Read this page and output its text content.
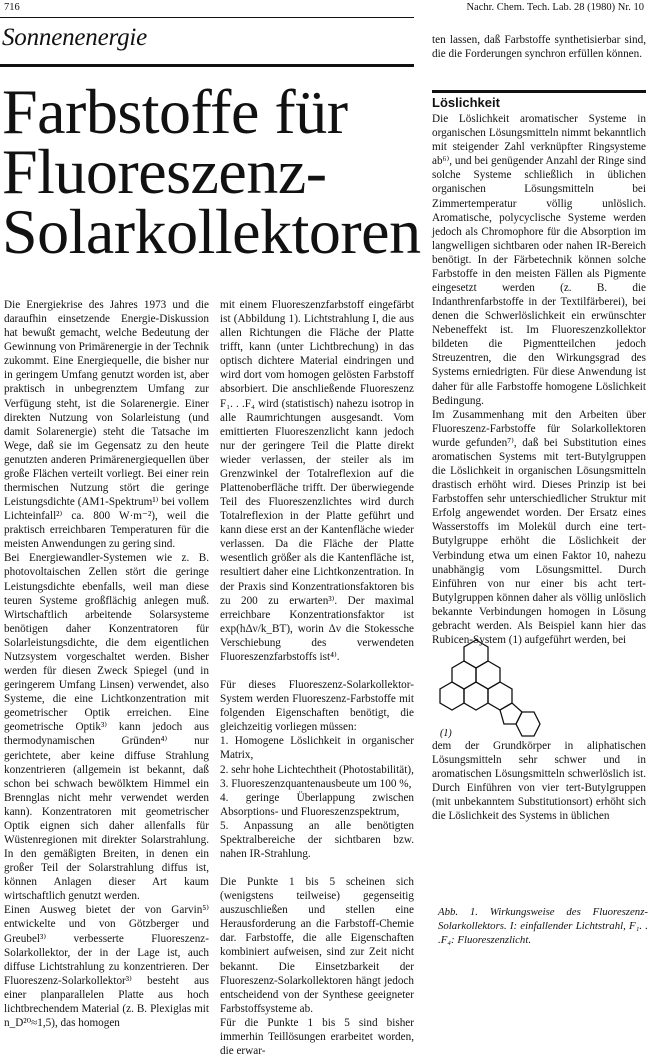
716	Nachr. Chem. Tech. Lab. 28 (1980) Nr. 10
Sonnenenergie
Farbstoffe für Fluoreszenz-Solarkollektoren

Die Energiekrise des Jahres 1973 und die daraufhin einsetzende Energie-Diskussion hat bewußt gemacht, welche Bedeutung der Gewinnung von Primärenergie in der Technik zukommt. Eine Energiequelle, die bisher nur in geringem Umfang genutzt worden ist, aber praktisch in unbegrenztem Umfang zur Verfügung steht, ist die Solarenergie. Einer direkten Nutzung von Solarleistung (und damit Solarenergie) steht die Tatsache im Wege, daß sie im Gegensatz zu den heute genutzten anderen Primärenergiequellen über große Flächen verteilt vorliegt. Bei einer rein thermischen Nutzung stört die geringe Leistungsdichte (AM1-Spektrum¹⁾ bei vollem Lichteinfall²⁾ ca. 800 W·m⁻²), weil die praktisch erreichbaren Temperaturen für die meisten Anwendungen zu gering sind.

Bei Energiewandler-Systemen wie z. B. photovoltaischen Zellen stört die geringe Leistungsdichte ebenfalls, weil man diese teuren Systeme großflächig anlegen muß. Wirtschaftlich arbeitende Solarsysteme benötigen daher Konzentratoren für Solarleistungsdichte, die dem eigentlichen Nutzsystem vorgeschaltet werden. Bisher werden für diesen Zweck Spiegel (und in geringerem Umfang Linsen) verwendet, also Systeme, die eine Lichtkonzentration mit geometrischer Optik erreichen. Eine geometrische Optik³⁾ kann jedoch aus thermodynamischen Gründen⁴⁾ nur gerichtete, aber keine diffuse Strahlung konzentrieren (allgemein ist bekannt, daß schon bei schwach bewölktem Himmel ein Brennglas nicht mehr verwendet werden kann). Konzentratoren mit geometrischer Optik eignen sich daher allenfalls für Wüstenregionen mit direkter Solarstrahlung. In den gemäßigten Breiten, in denen ein großer Teil der Solarstrahlung diffus ist, können Anlagen dieser Art kaum wirtschaftlich genutzt werden.

Einen Ausweg bietet der von Garvin⁵⁾ entwickelte und von Götzberger und Greubel³⁾ verbesserte Fluoreszenz-Solarkollektor, der in der Lage ist, auch diffuse Lichtstrahlung zu konzentrieren. Der Fluoreszenz-Solarkollektor³⁾ besteht aus einer planparallelen Platte aus hoch lichtbrechendem Material (z. B. Plexiglas mit n_D²⁰≈1,5), das homogen

mit einem Fluoreszenzfarbstoff eingefärbt ist (Abbildung 1). Lichtstrahlung I, die aus allen Richtungen die Fläche der Platte trifft, kann (unter Lichtbrechung) in das optisch dichtere Material eindringen und wird dort vom homogen gelösten Farbstoff absorbiert. Die anschließende Fluoreszenz F₁. . .F₄ wird (statistisch) nahezu isotrop in alle Raumrichtungen ausgesandt. Vom emittierten Fluoreszenzlicht kann jedoch nur der geringere Teil die Platte direkt wieder verlassen, der steiler als im Grenzwinkel der Totalreflexion auf die Plattenoberfläche trifft. Der überwiegende Teil des Fluoreszenzlichtes wird durch Totalreflexion in der Platte geführt und kann diese erst an der Kantenfläche wieder verlassen. Da die Fläche der Platte wesentlich größer als die Kantenfläche ist, resultiert daher eine Lichtkonzentration. In der Praxis sind Konzentrationsfaktoren bis zu 200 zu erwarten³⁾. Der maximal erreichbare Konzentrationsfaktor ist exp(hΔν/k_BT), worin Δν die Stokessche Verschiebung des verwendeten Fluoreszenzfarbstoffs ist⁴⁾.

Für dieses Fluoreszenz-Solarkollektor-System werden Fluoreszenz-Farbstoffe mit folgenden Eigenschaften benötigt, die gleichzeitig vorliegen müssen:

1. Homogene Löslichkeit in organischer Matrix,
2. sehr hohe Lichtechtheit (Photostabilität),
3. Fluoreszenzquantenausbeute um 100 %,
4. geringe Überlappung zwischen Absorptions- und Fluoreszenzspektrum,
5. Anpassung an alle benötigten Spektralbereiche der sichtbaren bzw. nahen IR-Strahlung.

Die Punkte 1 bis 5 scheinen sich (wenigstens teilweise) gegenseitig auszuschließen und stellen eine Herausforderung an die Farbstoff-Chemie dar. Farbstoffe, die alle Eigenschaften kombiniert aufweisen, sind zur Zeit nicht bekannt. Die Einsetzbarkeit der Fluoreszenz-Solarkollektoren hängt jedoch entscheidend von der Synthese geeigneter Farbstoffsysteme ab.

Für die Punkte 1 bis 5 sind bisher immerhin Teillösungen erarbeitet worden, die erwar-

ten lassen, daß Farbstoffe synthetisierbar sind, die die Forderungen synchron erfüllen können.

Löslichkeit

Die Löslichkeit aromatischer Systeme in organischen Lösungsmitteln nimmt bekanntlich mit steigender Zahl verknüpfter Ringsysteme ab⁶⁾, und bei genügender Anzahl der Ringe sind solche Systeme schließlich in üblichen organischen Lösungsmitteln bei Zimmertemperatur völlig unlöslich. Aromatische, polycyclische Systeme werden jedoch als Chromophore für die Absorption im langwelligen sichtbaren oder nahen IR-Bereich benötigt. In der Färbetechnik können solche Farbstoffe in den meisten Fällen als Pigmente eingesetzt werden (z. B. die Indanthrenfarbstoffe in der Textilfärberei), bei denen die Schwerlöslichkeit ein erwünschter Nebeneffekt ist. Im Fluoreszenzkollektor bildeten die Pigmentteilchen jedoch Streuzentren, die den Wirkungsgrad des Systems erniedrigten. Für diese Anwendung ist daher für alle Farbstoffe homogene Löslichkeit Bedingung.

Im Zusammenhang mit den Arbeiten über Fluoreszenz-Farbstoffe für Solarkollektoren wurde gefunden⁷⁾, daß bei Substitution eines aromatischen Systems mit tert-Butylgruppen die Löslichkeit in organischen Lösungsmitteln drastisch erhöht wird. Dieses Prinzip ist bei Farbstoffen sehr unterschiedlicher Struktur mit Erfolg angewendet worden. Der Ersatz eines Wasserstoffs im Molekül durch eine tert-Butylgruppe erhöht die Löslichkeit der Verbindung etwa um einen Faktor 10, nahezu unabhängig vom Lösungsmittel. Durch Einführen von nur einer bis acht tert-Butylgruppen können daher als völlig unlöslich bekannte Verbindungen homogen in Lösung gebracht werden. Als Beispiel kann hier das Rubicen-System (1) aufgeführt werden, bei

(1)

dem der Grundkörper in aliphatischen Lösungsmitteln sehr schwer und in aromatischen Lösungsmitteln schwerlöslich ist. Durch Einführen von vier tert-Butylgruppen (mit unbekanntem Substitutionsort) erhöht sich die Löslichkeit des Systems in üblichen

Abb. 1. Wirkungsweise des Fluoreszenz-Solarkollektors. I: einfallender Lichtstrahl, F₁. . .F₄: Fluoreszenzlicht.
